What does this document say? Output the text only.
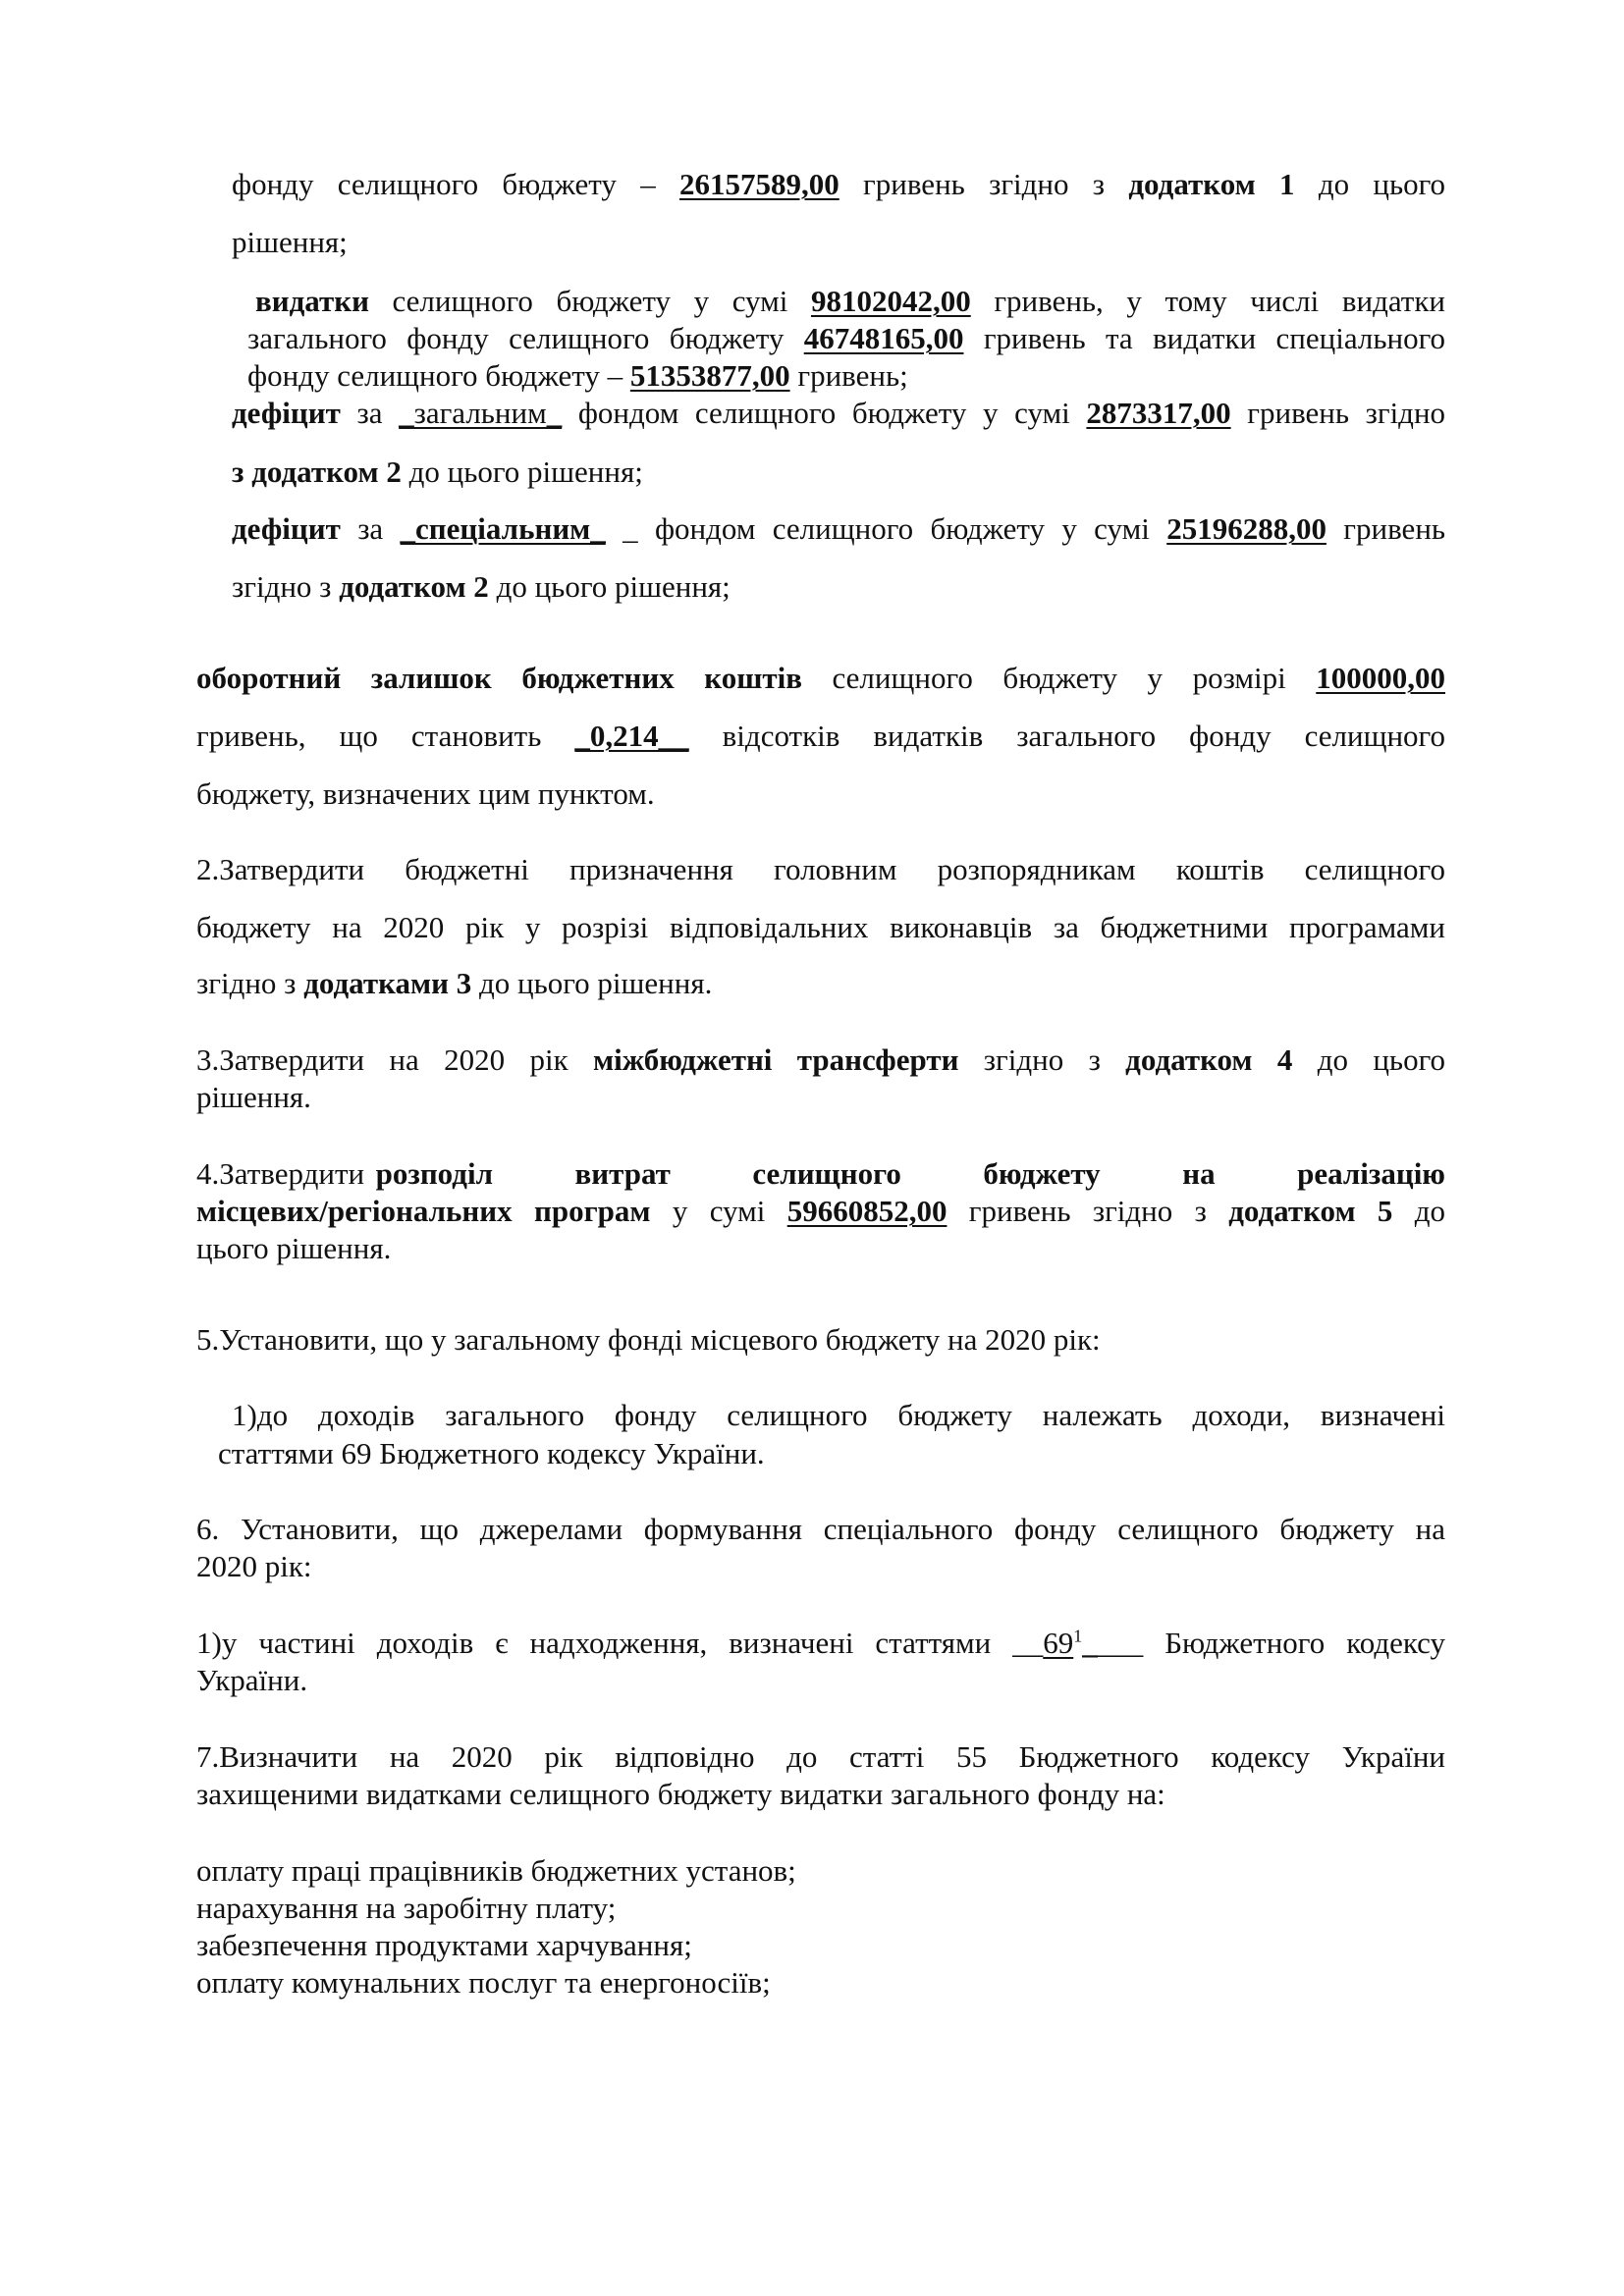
фонду селищного бюджету – 26157589,00 гривень згідно з додатком 1 до цього

рішення;

видатки селищного бюджету у сумі 98102042,00 гривень, у тому числі видатки

загального фонду селищного бюджету 46748165,00 гривень та видатки спеціального

фонду селищного бюджету – 51353877,00 гривень;

дефіцит за _загальним_ фондом селищного бюджету у сумі 2873317,00 гривень згідно

з додатком 2 до цього рішення;

дефіцит за _спеціальним_ _ фондом селищного бюджету у сумі 25196288,00 гривень

згідно з додатком 2 до цього рішення;

оборотний залишок бюджетних коштів селищного бюджету у розмірі 100000,00

гривень, що становить _0,214__ відсотків видатків загального фонду селищного

бюджету, визначених цим пунктом.

2.Затвердити бюджетні призначення головним розпорядникам коштів селищного

бюджету на 2020 рік у розрізі відповідальних виконавців за бюджетними програмами

згідно з додатками 3 до цього рішення.

3.Затвердити на 2020 рік міжбюджетні трансферти згідно з додатком 4 до цього

рішення.

4.Затвердити розподіл витрат селищного бюджету на реалізацію

місцевих/регіональних програм у сумі 59660852,00 гривень згідно з додатком 5 до

цього рішення.

5.Установити, що у загальному фонді місцевого бюджету на 2020 рік:

1)до доходів загального фонду селищного бюджету належать доходи, визначені

статтями 69 Бюджетного кодексу України.

6. Установити, що джерелами формування спеціального фонду селищного бюджету на

2020 рік:

1)у частині доходів є надходження, визначені статтями $\_\_69^1\_\_\_\_$ Бюджетного кодексу

України.

7.Визначити на 2020 рік відповідно до статті 55 Бюджетного кодексу України

захищеними видатками селищного бюджету видатки загального фонду на:

оплату праці працівників бюджетних установ;

нарахування на заробітну плату;

забезпечення продуктами харчування;

оплату комунальних послуг та енергоносіїв;
